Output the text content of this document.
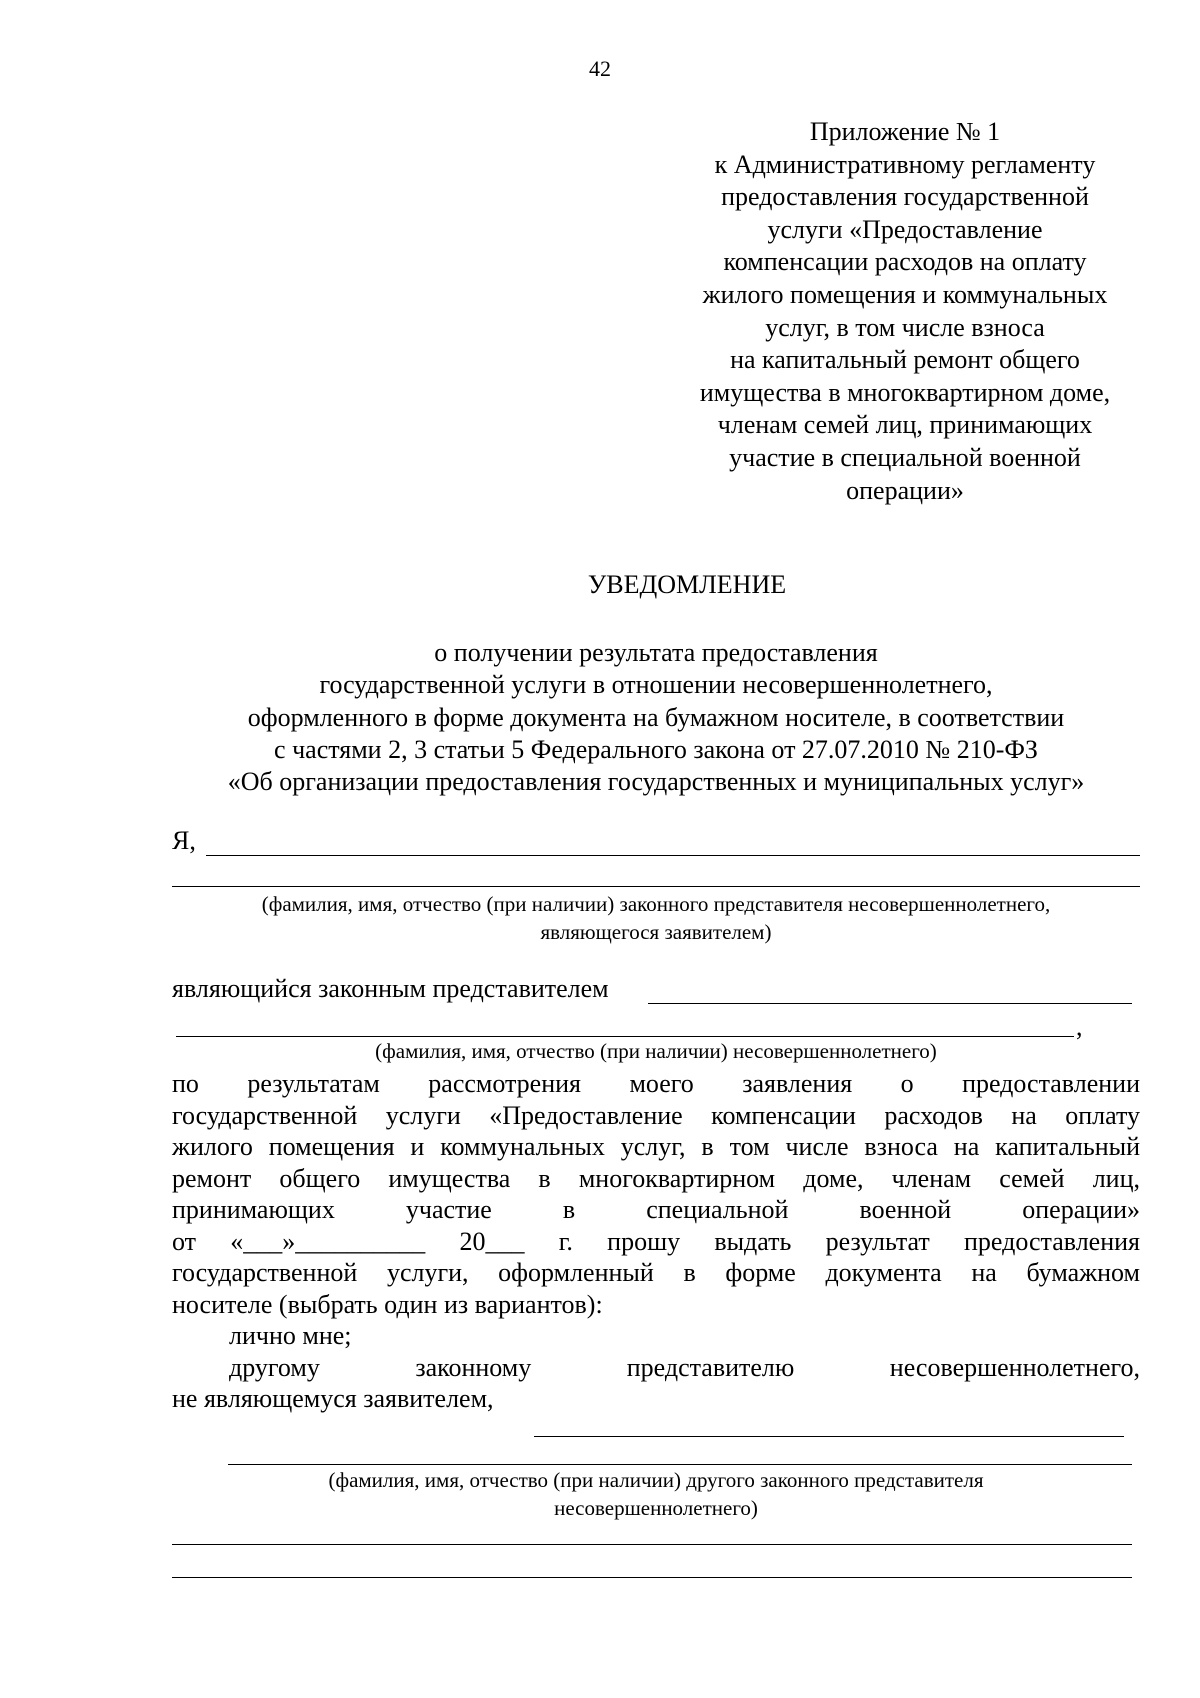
42
Приложение № 1
к Административному регламенту
предоставления государственной
услуги «Предоставление
компенсации расходов на оплату
жилого помещения и коммунальных
услуг, в том числе взноса
на капитальный ремонт общего
имущества в многоквартирном доме,
членам семей лиц, принимающих
участие в специальной военной
операции»
УВЕДОМЛЕНИЕ
о получении результата предоставления
государственной услуги в отношении несовершеннолетнего,
оформленного в форме документа на бумажном носителе, в соответствии
с частями 2, 3 статьи 5 Федерального закона от 27.07.2010 № 210-ФЗ
«Об организации предоставления государственных и муниципальных услуг»
Я,
(фамилия, имя, отчество (при наличии) законного представителя несовершеннолетнего,
являющегося заявителем)
являющийся законным представителем
,
(фамилия, имя, отчество (при наличии) несовершеннолетнего)
по результатам рассмотрения моего заявления о предоставлении
государственной услуги «Предоставление компенсации расходов на оплату
жилого помещения и коммунальных услуг, в том числе взноса на капитальный
ремонт общего имущества в многоквартирном доме, членам семей лиц,
принимающих участие в специальной военной операции»
от «___»__________ 20___ г. прошу выдать результат предоставления
государственной услуги, оформленный в форме документа на бумажном
носителе (выбрать один из вариантов):
лично мне;
другому законному представителю несовершеннолетнего,
не являющемуся заявителем,
(фамилия, имя, отчество (при наличии) другого законного представителя
несовершеннолетнего)
